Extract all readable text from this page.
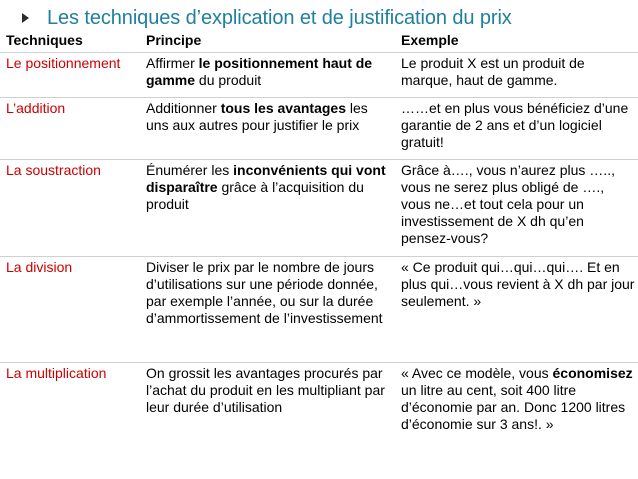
Les techniques d’explication et de justification du prix
Techniques	Principe	Exemple
Le positionnement	Affirmer le positionnement haut de gamme du produit	Le produit X est un produit de marque, haut de gamme.
L’addition	Additionner tous les avantages les uns aux autres pour justifier le prix	……et en plus vous bénéficiez d’une garantie de 2 ans et d’un logiciel gratuit!
La soustraction	Énumérer les inconvénients qui vont disparaître grâce à l’acquisition du produit	Grâce à…., vous n’aurez plus ….., vous ne serez plus obligé de …., vous ne…et tout cela pour un investissement de X dh qu’en pensez-vous?
La division	Diviser le prix par le nombre de jours d’utilisations sur une période donnée, par exemple l’année, ou sur la durée d’ammortissement de l’investissement	« Ce produit qui…qui…qui…. Et en plus qui…vous revient à X dh par jour seulement. »
La multiplication	On grossit les avantages procurés par l’achat du produit en les multipliant par leur durée d’utilisation	« Avec ce modèle, vous économisez un litre au cent, soit 400 litre d’économie par an. Donc 1200 litres d’économie sur 3 ans!. »
